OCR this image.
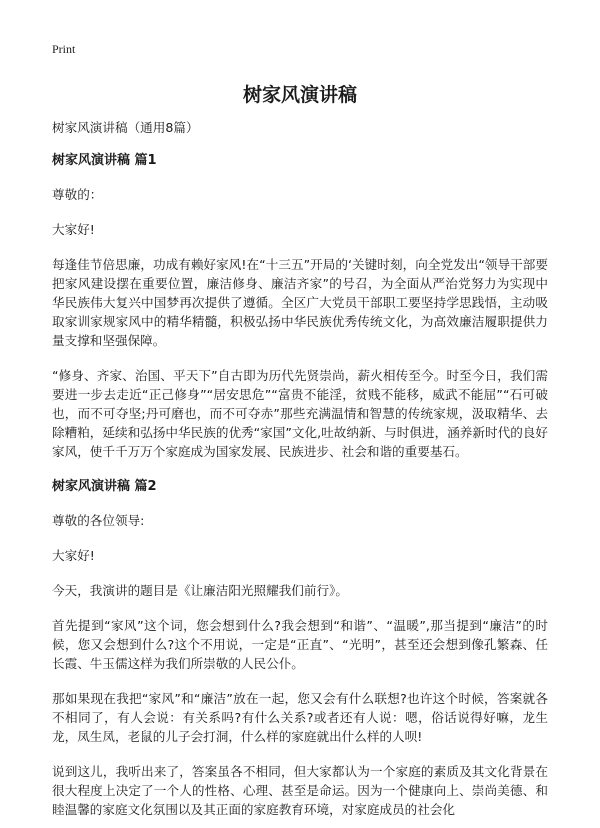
Print
树家风演讲稿

树家风演讲稿（通用8篇）

树家风演讲稿 篇1

尊敬的：

大家好!

每逢佳节倍思廉，功成有赖好家风!在“十三五”开局的‘关键时刻，向全党发出“领导干部要把家风建设摆在重要位置，廉洁修身、廉洁齐家”的号召，为全面从严治党努力为实现中华民族伟大复兴中国梦再次提供了遵循。全区广大党员干部职工要坚持学思践悟，主动吸取家训家规家风中的精华精髓，积极弘扬中华民族优秀传统文化，为高效廉洁履职提供力量支撑和坚强保障。

“修身、齐家、治国、平天下”自古即为历代先贤崇尚，薪火相传至今。时至今日，我们需要进一步去走近“正己修身”“居安思危”“富贵不能淫，贫贱不能移，威武不能屈”“石可破也，而不可夺坚;丹可磨也，而不可夺赤”那些充满温情和智慧的传统家规，汲取精华、去除糟粕，延续和弘扬中华民族的优秀“家国”文化,吐故纳新、与时俱进，涵养新时代的良好家风，使千千万万个家庭成为国家发展、民族进步、社会和谐的重要基石。

树家风演讲稿 篇2

尊敬的各位领导:

大家好!

今天，我演讲的题目是《让廉洁阳光照耀我们前行》。

首先提到“家风”这个词，您会想到什么?我会想到“和谐”、“温暖”,那当提到“廉洁”的时候，您又会想到什么?这个不用说，一定是“正直”、“光明”，甚至还会想到像孔繁森、任长霞、牛玉儒这样为我们所崇敬的人民公仆。

那如果现在我把“家风”和“廉洁”放在一起，您又会有什么联想?也许这个时候，答案就各不相同了，有人会说：有关系吗?有什么关系?或者还有人说：嗯，俗话说得好嘛，龙生龙，凤生凤，老鼠的儿子会打洞，什么样的家庭就出什么样的人呗!

说到这儿，我听出来了，答案虽各不相同，但大家都认为一个家庭的素质及其文化背景在很大程度上决定了一个人的性格、心理、甚至是命运。因为一个健康向上、崇尚美德、和睦温馨的家庭文化氛围以及其正面的家庭教育环境，对家庭成员的社会化
